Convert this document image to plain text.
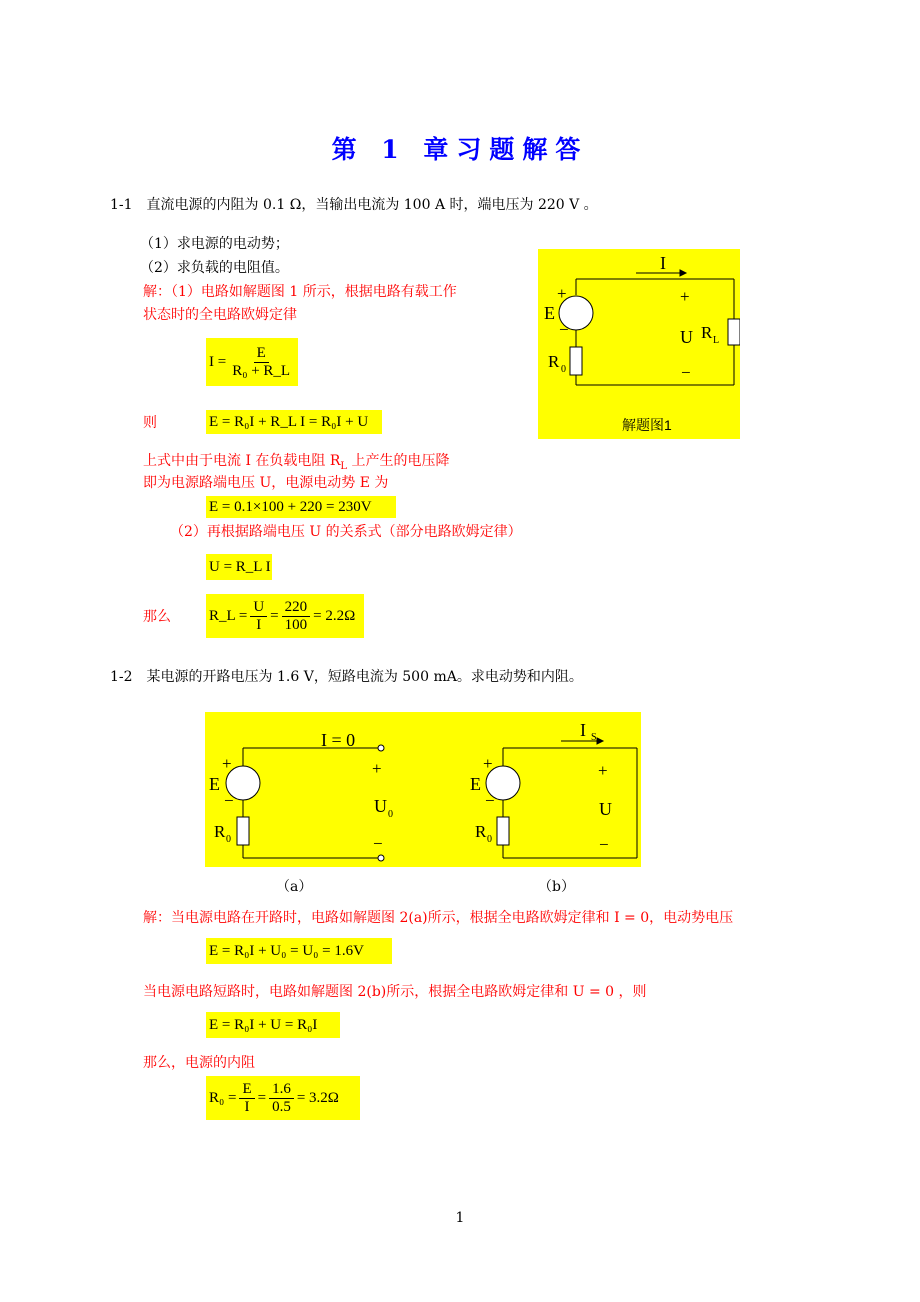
第 1 章习题解答
1-1　直流电源的内阻为 0.1 Ω，当输出电流为 100 A 时，端电压为 220 V 。
（1）求电源的电动势；
（2）求负载的电阻值。
解：（1）电路如解题图 1 所示，根据电路有载工作
状态时的全电路欧姆定律
$I = \frac{E}{\text{R₀ + R\_L}}$
则	E = R₀I + R_L I = R₀I + U
上式中由于电流 I 在负载电阻 $R_L$ 上产生的电压降
即为电源路端电压 U，电源电动势 E 为
E = 0.1×100 + 220 = 230V
（2）再根据路端电压 U 的关系式（部分电路欧姆定律）
U = R_L I
那么	R_L = $\frac{U}{I} = \frac{220}{100} = 2.2\Omega$
I
+
E
−
R 0
+
U R L
−
解题图1
1-2　某电源的开路电压为 1.6 V，短路电流为 500 mA。求电动势和内阻。
I = 0
+
E
−
R 0
+
U 0
−
I S
+
E
−
R 0
+
U
−
（a）	（b）
解：当电源电路在开路时，电路如解题图 2(a)所示，根据全电路欧姆定律和 I = 0，电动势电压
E = R₀I + U₀ = U₀ = 1.6V
当电源电路短路时，电路如解题图 2(b)所示，根据全电路欧姆定律和 U = 0 ，则
E = R₀I + U = R₀I
那么，电源的内阻
$R_0 = \frac{E}{I} = \frac{1.6}{0.5} = 3.2\Omega$
1
